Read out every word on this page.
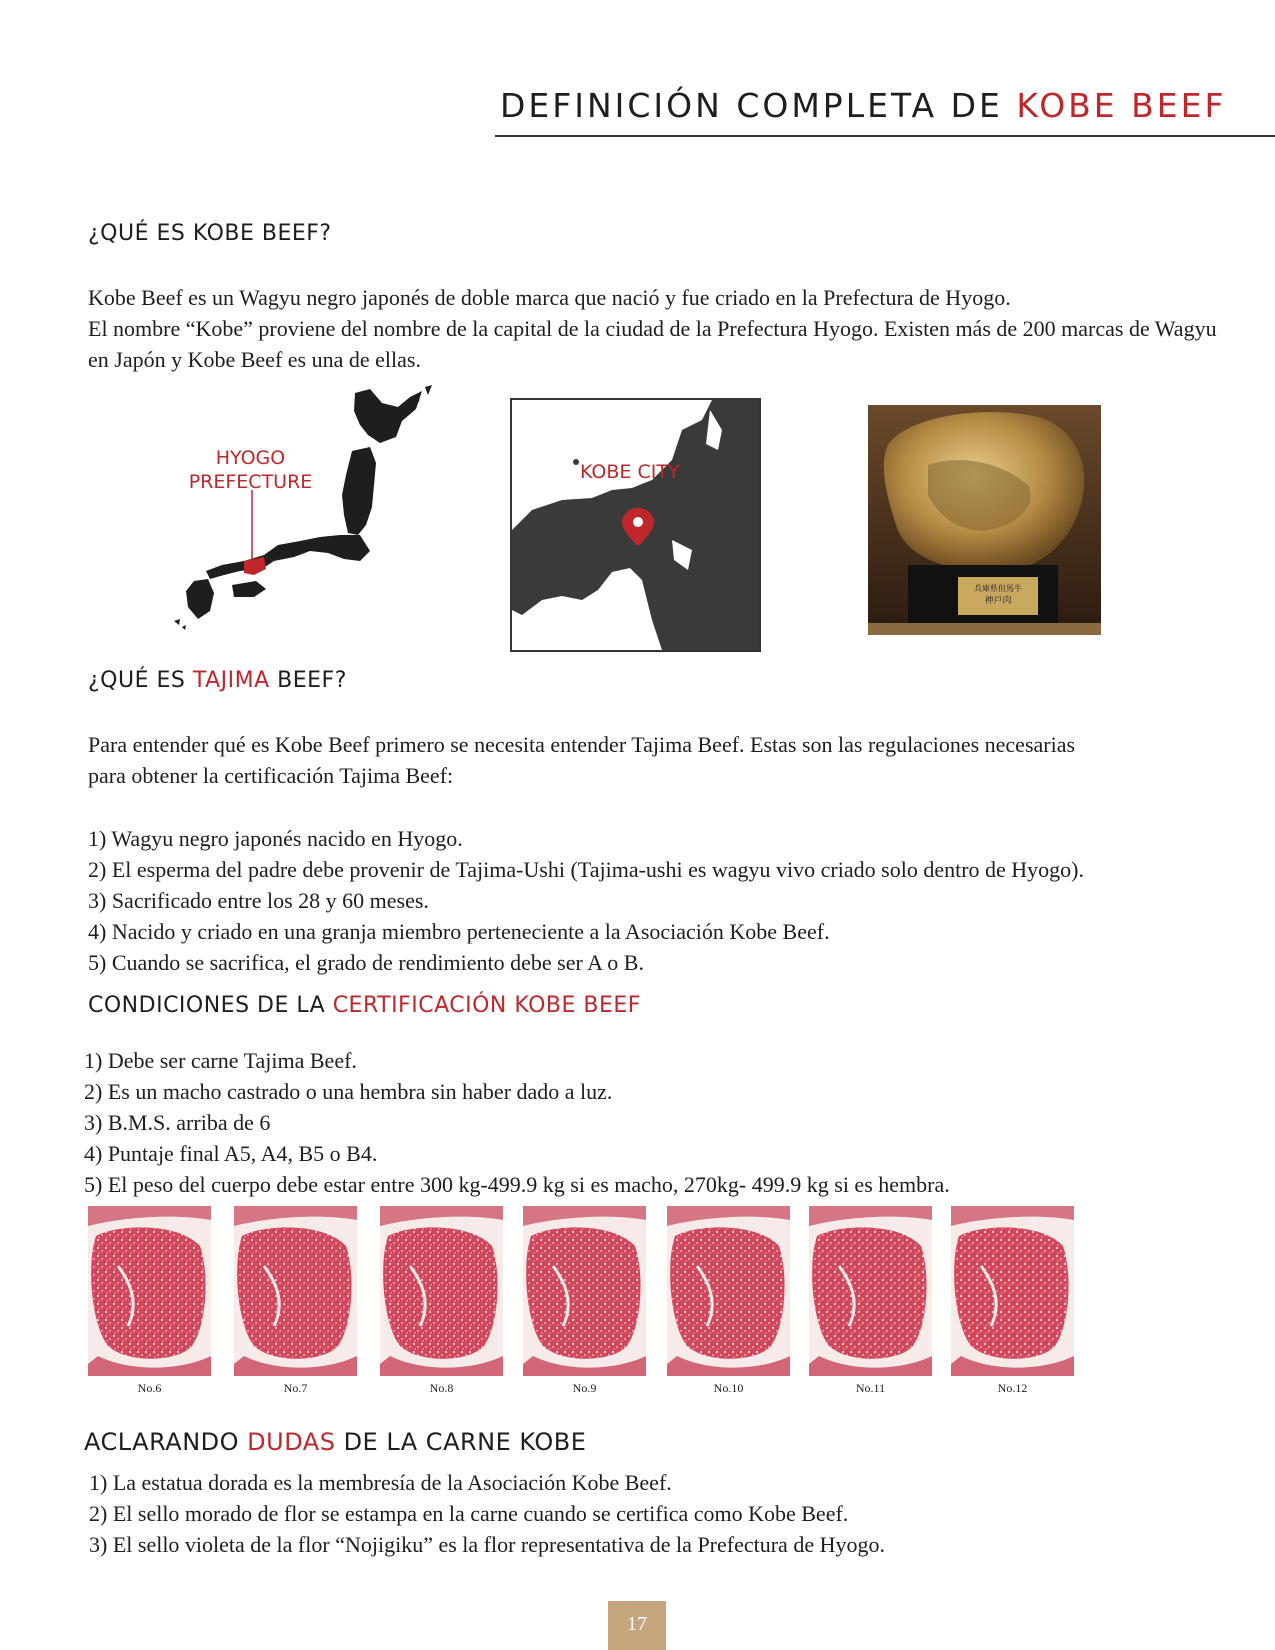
DEFINICIÓN COMPLETA DE KOBE BEEF
¿QUÉ ES KOBE BEEF?

Kobe Beef es un Wagyu negro japonés de doble marca que nació y fue criado en la Prefectura de Hyogo.

El nombre “Kobe” proviene del nombre de la capital de la ciudad de la Prefectura Hyogo. Existen más de 200 marcas de Wagyu en Japón y Kobe Beef es una de ellas.

HYOGO
PREFECTURE	KOBE CITY
兵庫県但馬牛
神戸肉
¿QUÉ ES TAJIMA BEEF?

Para entender qué es Kobe Beef primero se necesita entender Tajima Beef. Estas son las regulaciones necesarias

para obtener la certificación Tajima Beef:

1) Wagyu negro japonés nacido en Hyogo.
2) El esperma del padre debe provenir de Tajima-Ushi (Tajima-ushi es wagyu vivo criado solo dentro de Hyogo).
3) Sacrificado entre los 28 y 60 meses.
4) Nacido y criado en una granja miembro perteneciente a la Asociación Kobe Beef.
5) Cuando se sacrifica, el grado de rendimiento debe ser A o B.
CONDICIONES DE LA CERTIFICACIÓN KOBE BEEF
1) Debe ser carne Tajima Beef.
2) Es un macho castrado o una hembra sin haber dado a luz.
3) B.M.S. arriba de 6
4) Puntaje final A5, A4, B5 o B4.
5) El peso del cuerpo debe estar entre 300 kg-499.9 kg si es macho, 270kg- 499.9 kg si es hembra.
No.6	No.7	No.8	No.9	No.10	No.11	No.12
ACLARANDO DUDAS DE LA CARNE KOBE
1) La estatua dorada es la membresía de la Asociación Kobe Beef.
2) El sello morado de flor se estampa en la carne cuando se certifica como Kobe Beef.
3) El sello violeta de la flor “Nojigiku” es la flor representativa de la Prefectura de Hyogo.
17
